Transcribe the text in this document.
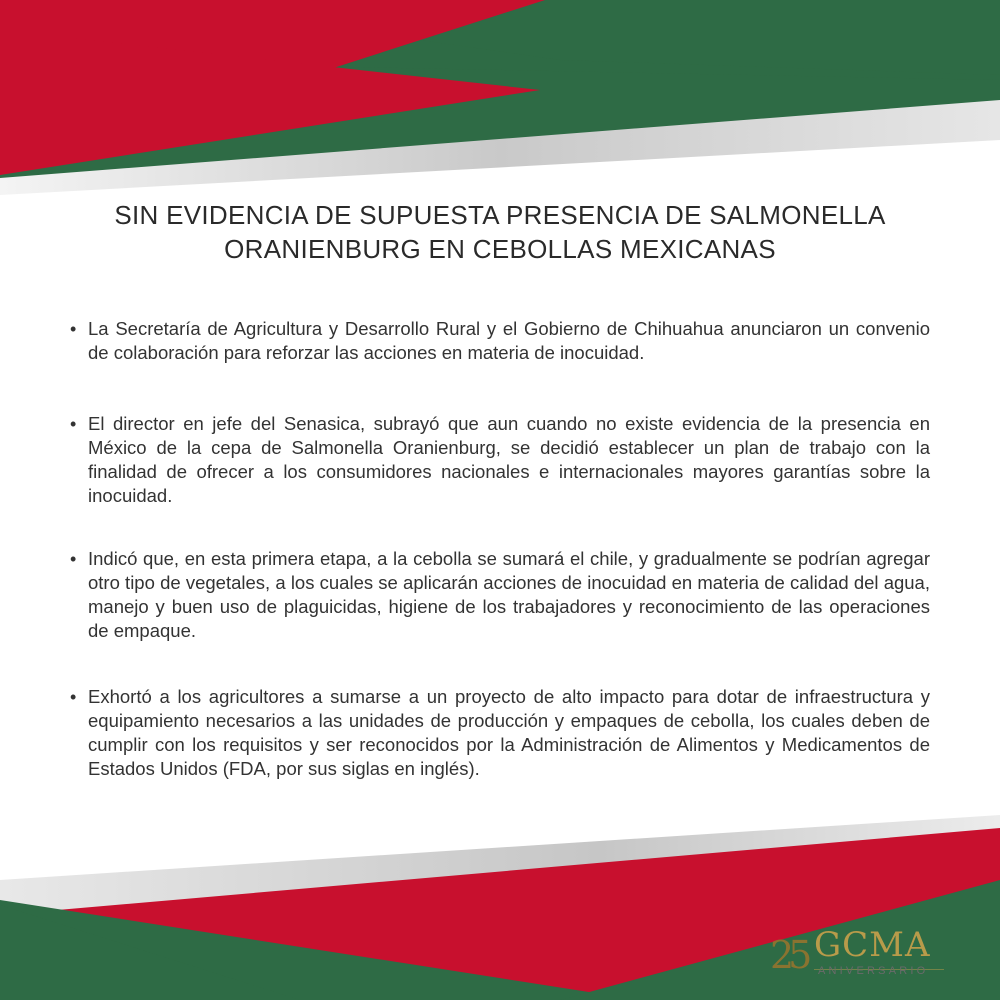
SIN EVIDENCIA DE SUPUESTA PRESENCIA DE SALMONELLA
ORANIENBURG EN CEBOLLAS MEXICANAS
• La Secretaría de Agricultura y Desarrollo Rural y el Gobierno de Chihuahua anunciaron un convenio de colaboración para reforzar las acciones en materia de inocuidad.
• El director en jefe del Senasica, subrayó que aun cuando no existe evidencia de la presencia en México de la cepa de Salmonella Oranienburg, se decidió establecer un plan de trabajo con la finalidad de ofrecer a los consumidores nacionales e internacionales mayores garantías sobre la inocuidad.
• Indicó que, en esta primera etapa, a la cebolla se sumará el chile, y gradualmente se podrían agregar otro tipo de vegetales, a los cuales se aplicarán acciones de inocuidad en materia de calidad del agua, manejo y buen uso de plaguicidas, higiene de los trabajadores y reconocimiento de las operaciones de empaque.
• Exhortó a los agricultores a sumarse a un proyecto de alto impacto para dotar de infraestructura y equipamiento necesarios a las unidades de producción y empaques de cebolla, los cuales deben de cumplir con los requisitos y ser reconocidos por la Administración de Alimentos y Medicamentos de Estados Unidos (FDA, por sus siglas en inglés).
25 GCMA
ANIVERSARIO
